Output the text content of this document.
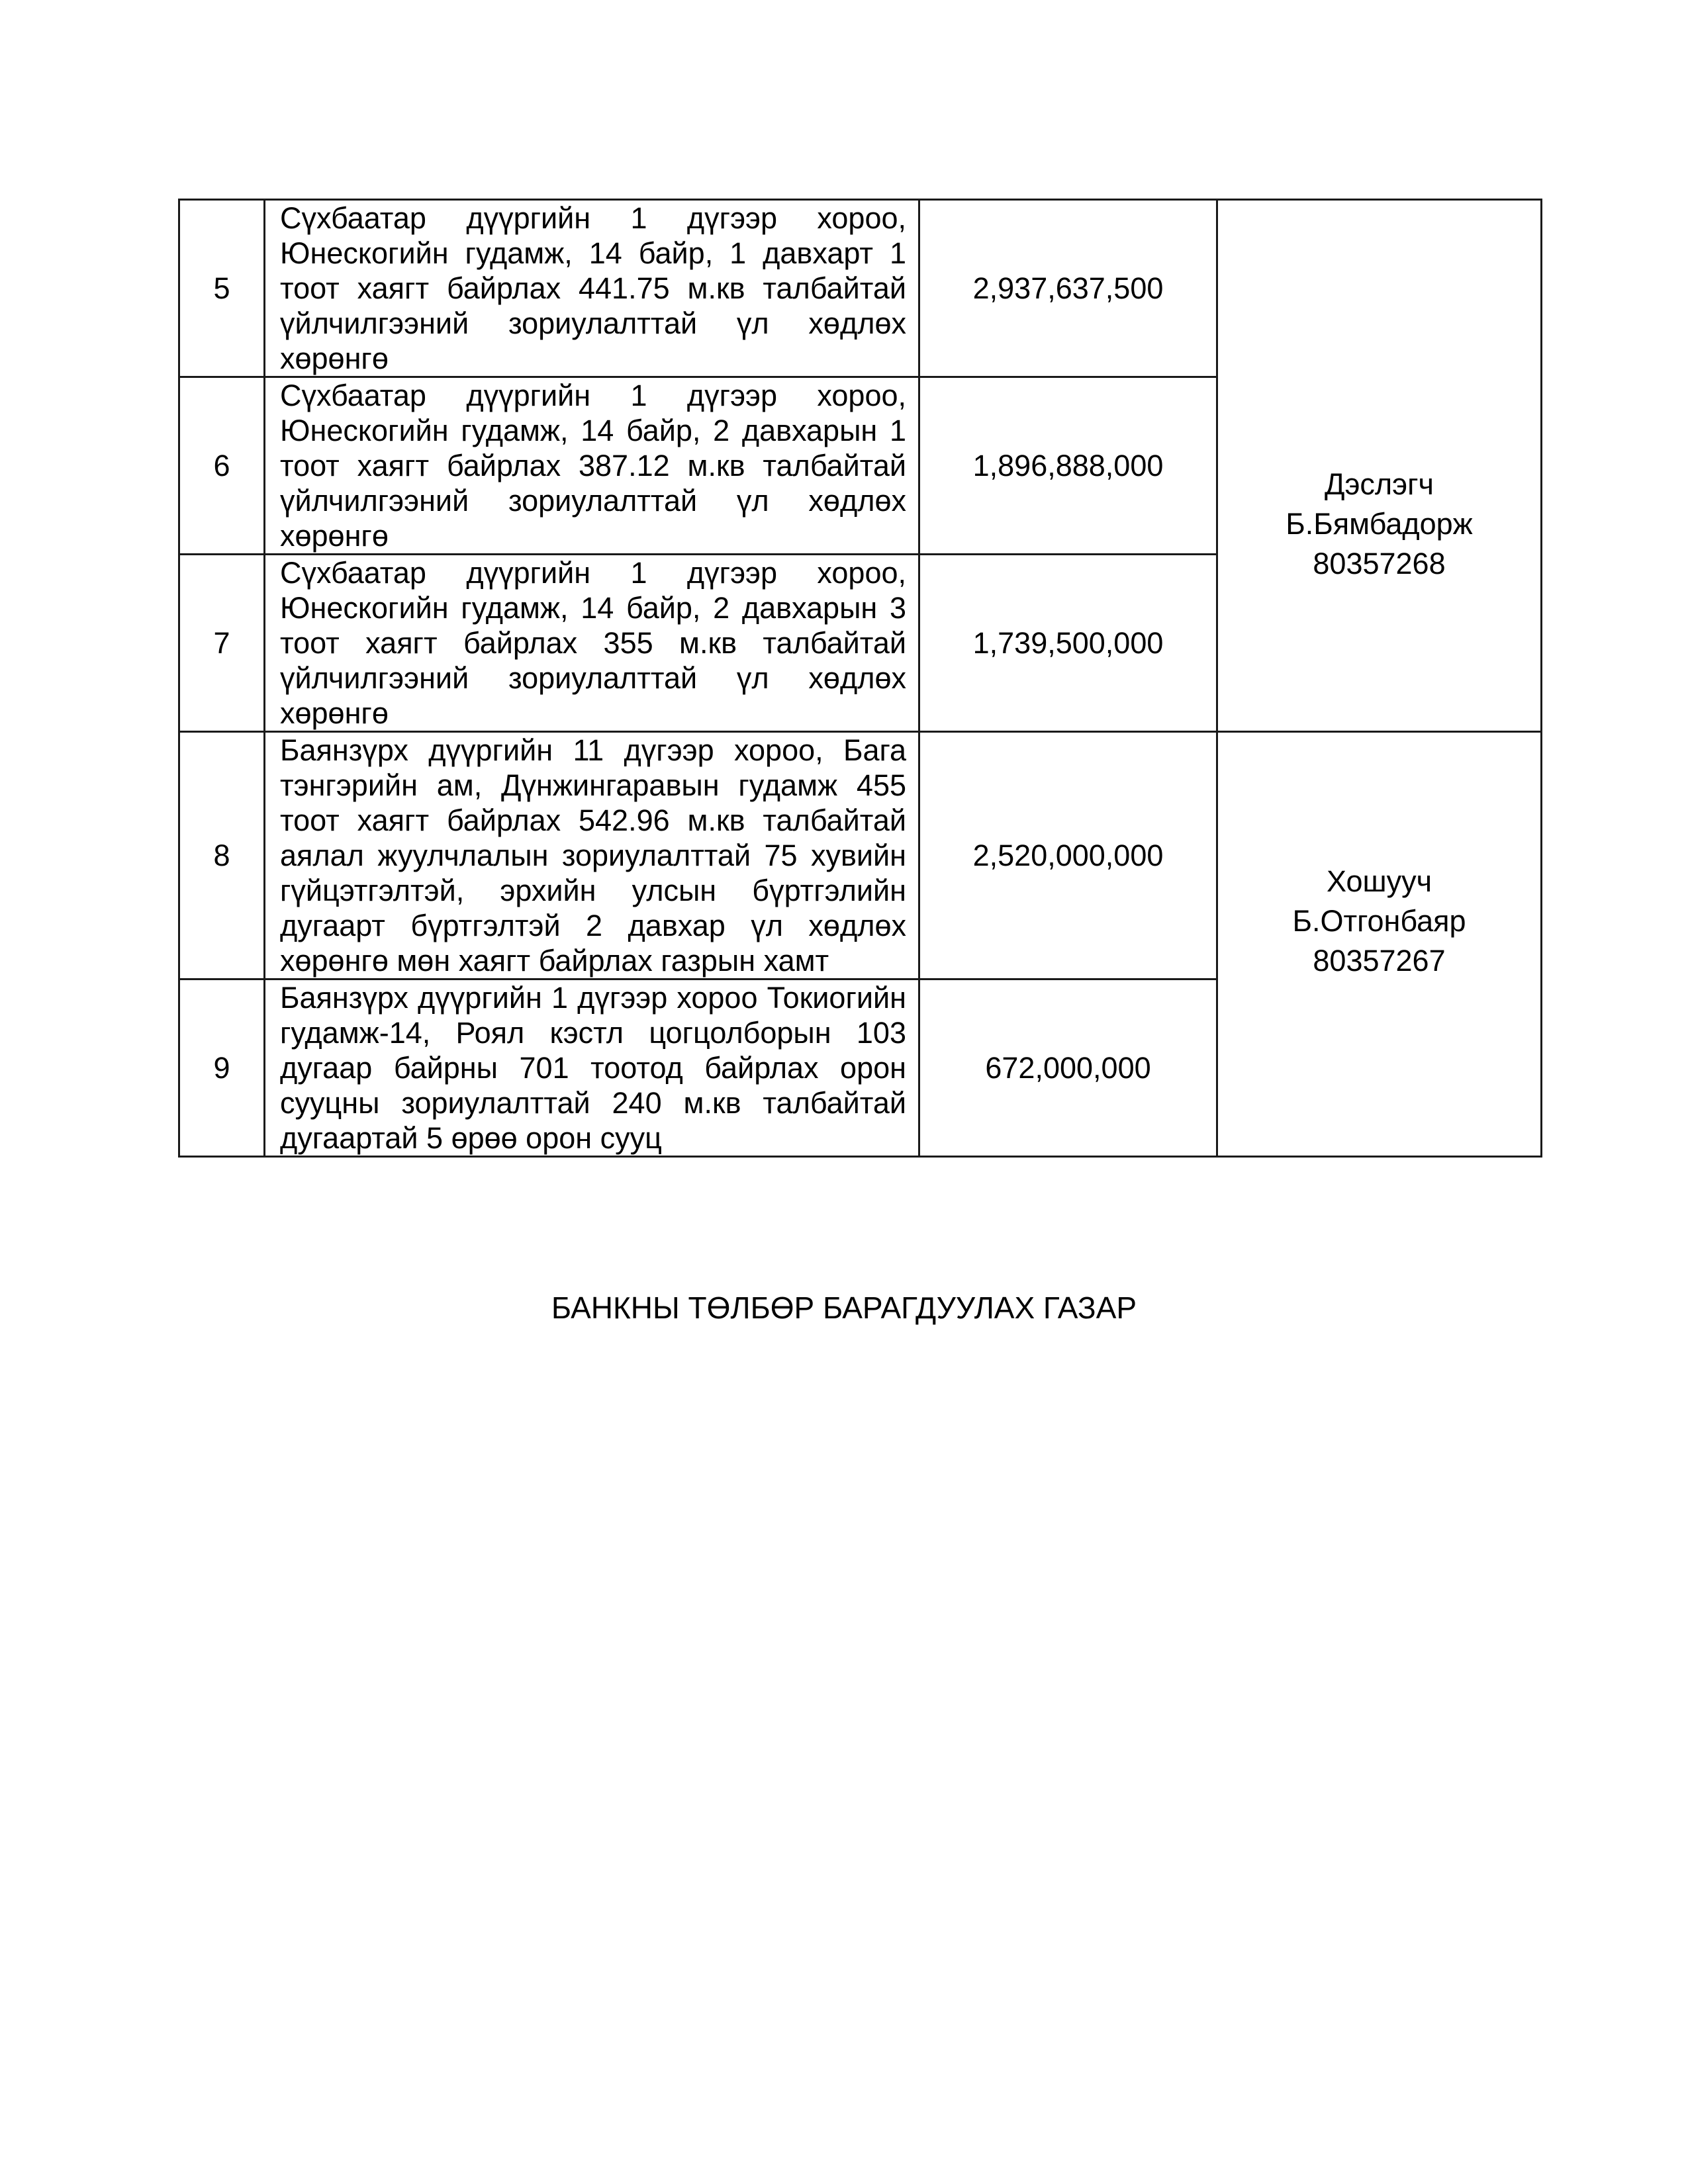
5	Сүхбаатар дүүргийн 1 дүгээр хороо, Юнескогийн гудамж, 14 байр, 1 давхарт 1 тоот хаягт байрлах 441.75 м.кв талбайтай үйлчилгээний зориулалттай үл хөдлөх хөрөнгө	2,937,637,500	Дэслэгч
Б.Бямбадорж
80357268

6	Сүхбаатар дүүргийн 1 дүгээр хороо, Юнескогийн гудамж, 14 байр, 2 давхарын 1 тоот хаягт байрлах 387.12 м.кв талбайтай үйлчилгээний зориулалттай үл хөдлөх хөрөнгө	1,896,888,000	
7	Сүхбаатар дүүргийн 1 дүгээр хороо, Юнескогийн гудамж, 14 байр, 2 давхарын 3 тоот хаягт байрлах 355 м.кв талбайтай үйлчилгээний зориулалттай үл хөдлөх хөрөнгө	1,739,500,000	
8	Баянзүрх дүүргийн 11 дүгээр хороо, Бага тэнгэрийн ам, Дүнжингаравын гудамж 455 тоот хаягт байрлах 542.96 м.кв талбайтай аялал жуулчлалын зориулалттай 75 хувийн гүйцэтгэлтэй, эрхийн улсын бүртгэлийн дугаарт бүртгэлтэй 2 давхар үл хөдлөх хөрөнгө мөн хаягт байрлах газрын хамт	2,520,000,000	
Хошууч
Б.Отгонбаяр
80357267

9	Баянзүрх дүүргийн 1 дүгээр хороо Токиогийн гудамж-14, Роял кэстл цогцолборын 103 дугаар байрны 701 тоотод байрлах орон сууцны зориулалттай 240 м.кв талбайтай дугаартай 5 өрөө орон сууц	672,000,000	
БАНКНЫ ТӨЛБӨР БАРАГДУУЛАХ ГАЗАР
